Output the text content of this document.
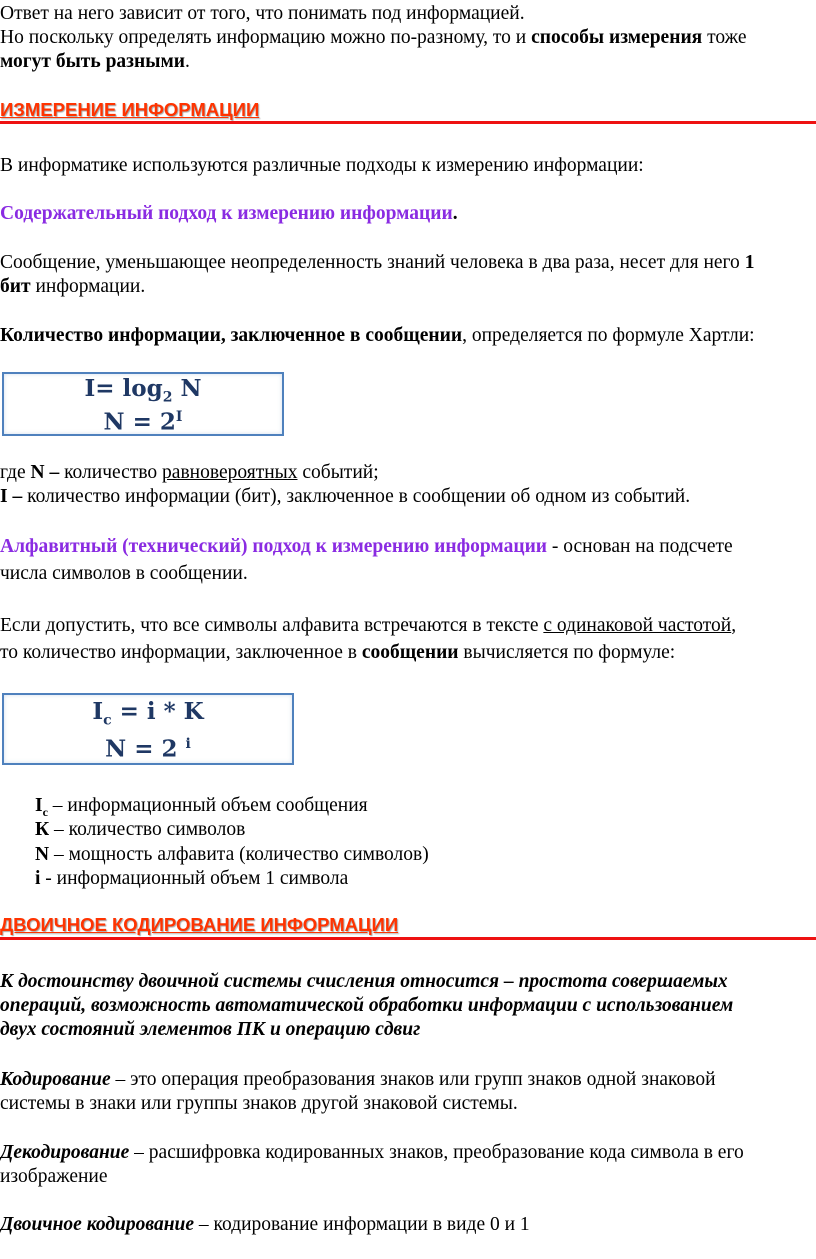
Ответ на него зависит от того, что понимать под информацией.
Но поскольку определять информацию можно по-разному, то и способы измерения тоже
могут быть разными.
ИЗМЕРЕНИЕ ИНФОРМАЦИИ
В информатике используются различные подходы к измерению информации:
Содержательный подход к измерению информации.
Сообщение, уменьшающее неопределенность знаний человека в два раза, несет для него 1
бит информации.
Количество информации, заключенное в сообщении, определяется по формуле Хартли:
$I= \log_2 N$
$N = 2^I$
где N – количество равновероятных событий;
I – количество информации (бит), заключенное в сообщении об одном из событий.
Алфавитный (технический) подход к измерению информации - основан на подсчете
числа символов в сообщении.
Если допустить, что все символы алфавита встречаются в тексте с одинаковой частотой,
то количество информации, заключенное в сообщении вычисляется по формуле:
$I_c = i * K$
N = 2 $^i$
$I_c$ – информационный объем сообщения
К – количество символов
N – мощность алфавита (количество символов)
i - информационный объем 1 символа
ДВОИЧНОЕ КОДИРОВАНИЕ ИНФОРМАЦИИ
К достоинству двоичной системы счисления относится – простота совершаемых
операций, возможность автоматической обработки информации с использованием
двух состояний элементов ПК и операцию сдвиг
Кодирование – это операция преобразования знаков или групп знаков одной знаковой
системы в знаки или группы знаков другой знаковой системы.
Декодирование – расшифровка кодированных знаков, преобразование кода символа в его
изображение
Двоичное кодирование – кодирование информации в виде 0 и 1
